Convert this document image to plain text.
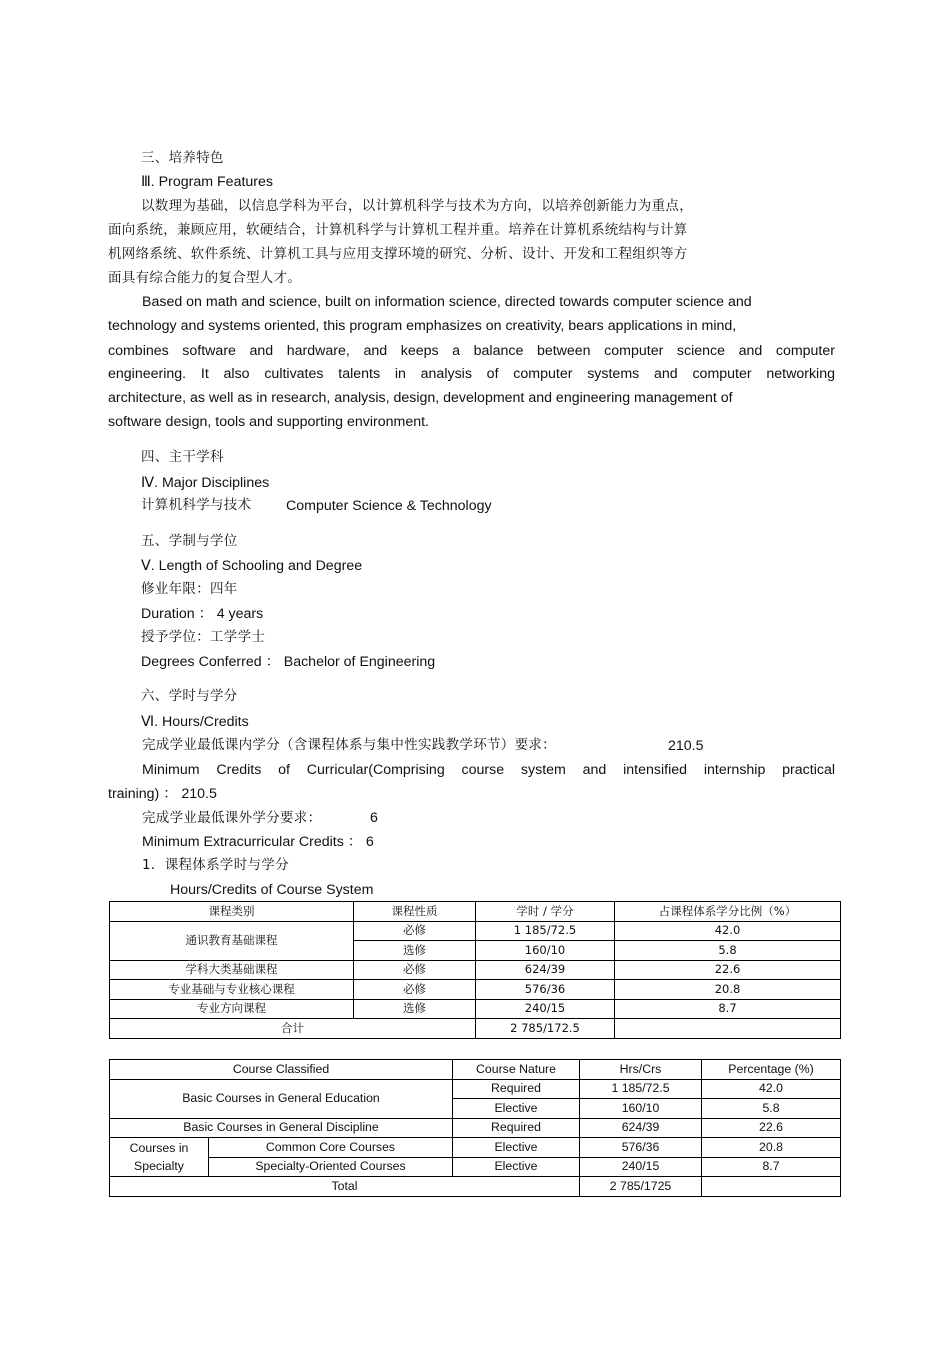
三、培养特色
Ⅲ. Program Features
以数理为基础，以信息学科为平台，以计算机科学与技术为方向，以培养创新能力为重点，
面向系统，兼顾应用，软硬结合，计算机科学与计算机工程并重。培养在计算机系统结构与计算
机网络系统、软件系统、计算机工具与应用支撑环境的研究、分析、设计、开发和工程组织等方
面具有综合能力的复合型人才。
Based on math and science, built on information science, directed towards computer science and
technology and systems oriented, this program emphasizes on creativity, bears applications in mind,
combines software and hardware, and keeps a balance between computer science and computer
engineering. It also cultivates talents in analysis of computer systems and computer networking
architecture, as well as in research, analysis, design, development and engineering management of
software design, tools and supporting environment.
四、主干学科
Ⅳ. Major Disciplines
计算机科学与技术 Computer Science & Technology
五、学制与学位
Ⅴ. Length of Schooling and Degree
修业年限：四年
Duration ： 4 years
授予学位：工学学士
Degrees Conferred ： Bachelor of Engineering
六、学时与学分
Ⅵ. Hours/Credits
完成学业最低课内学分（含课程体系与集中性实践教学环节）要求：	210.5
Minimum Credits of Curricular(Comprising course system and intensified internship practical
training) ： 210.5
完成学业最低课外学分要求：	6
Minimum Extracurricular Credits ： 6
1．课程体系学时与学分
Hours/Credits of Course System
课程类别	课程性质	学时 / 学分	占课程体系学分比例（%）
通识教育基础课程	必修	1 185/72.5	42.0
	选修	160/10	5.8
学科大类基础课程	必修	624/39	22.6
专业基础与专业核心课程	必修	576/36	20.8
专业方向课程	选修	240/15	8.7
合计		2 785/172.5	
Course Classified		Course Nature	Hrs/Crs	Percentage (%)
Basic Courses in General Education		Required	1 185/72.5	42.0
		Elective	160/10	5.8
Basic Courses in General Discipline		Required	624/39	22.6
Courses in Specialty	Common Core Courses	Elective	576/36	20.8
	Specialty-Oriented Courses	Elective	240/15	8.7
Total			2 785/1725	
